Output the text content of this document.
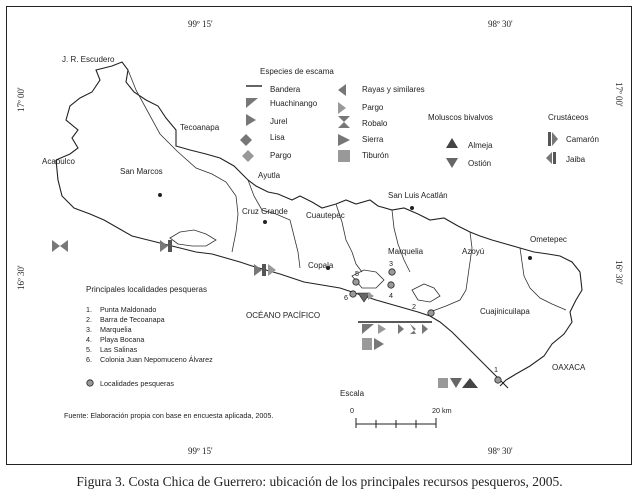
99º 15'	98º 30'
99º 15'	98º 30'
17º 00'	17º 00'
16º 30'	16º 30'
J. R. Escudero
Tecoanapa
Acapulco
San Marcos	Ayutla
Cruz Grande Cuautepec
San Luis Acatlán
Marquelia	Azoyú
Ometepec
Copala
Cuajinicuilapa
OAXACA
OCÉANO PACÍFICO
1
2
3
4
5
6
Especies de escama
Bandera
Huachinango
Jurel
Lisa
Pargo
Rayas y similares
Pargo
Robalo
Sierra
Tiburón
Moluscos bivalvos
Almeja
Ostión
Crustáceos
Camarón
Jaiba
Principales localidades pesqueras
1. Punta Maldonado
2. Barra de Tecoanapa
3. Marquelia
4. Playa Bocana
5. Las Salinas
6. Colonia Juan Nepomuceno Álvarez
Localidades pesqueras
Fuente: Elaboración propia con base en encuesta aplicada, 2005.
Escala
0	20 km
Figura 3. Costa Chica de Guerrero: ubicación de los principales recursos pesqueros, 2005.
